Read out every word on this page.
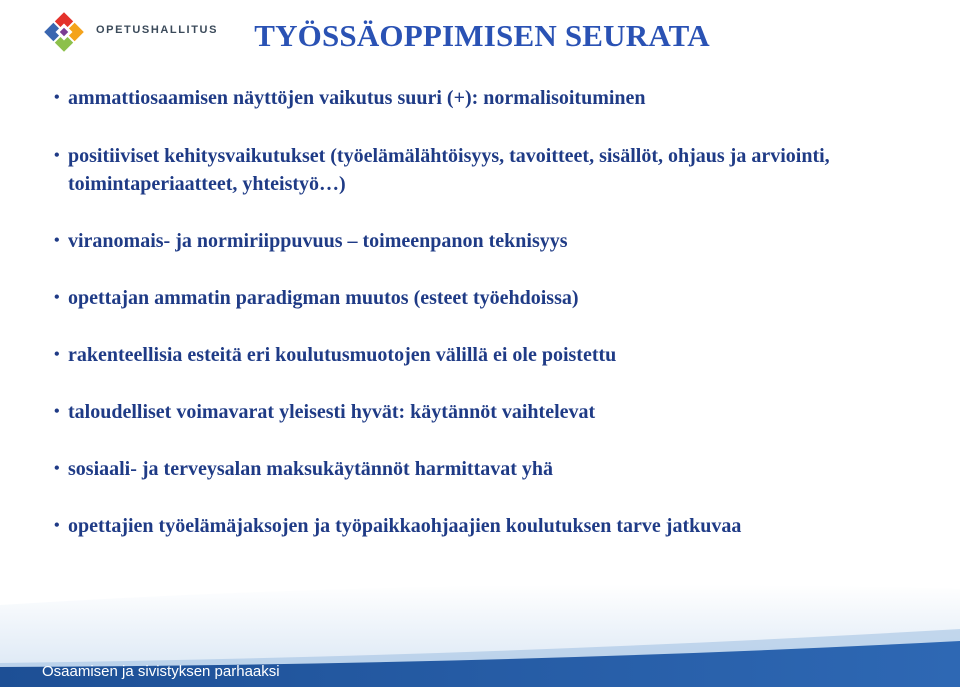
OPETUSHALLITUS	TYÖSSÄOPPIMISEN SEURATA
• ammattiosaamisen näyttöjen vaikutus suuri (+): normalisoituminen
• positiiviset kehitysvaikutukset (työelämälähtöisyys, tavoitteet, sisällöt, ohjaus ja arviointi, toimintaperiaatteet, yhteistyö…)
• viranomais- ja normiriippuvuus – toimeenpanon teknisyys
• opettajan ammatin paradigman muutos (esteet työehdoissa)
• rakenteellisia esteitä eri koulutusmuotojen välillä ei ole poistettu
• taloudelliset voimavarat yleisesti hyvät: käytännöt vaihtelevat
• sosiaali- ja terveysalan maksukäytännöt harmittavat yhä
• opettajien työelämäjaksojen ja työpaikkaohjaajien koulutuksen tarve jatkuvaa
Osaamisen ja sivistyksen parhaaksi
